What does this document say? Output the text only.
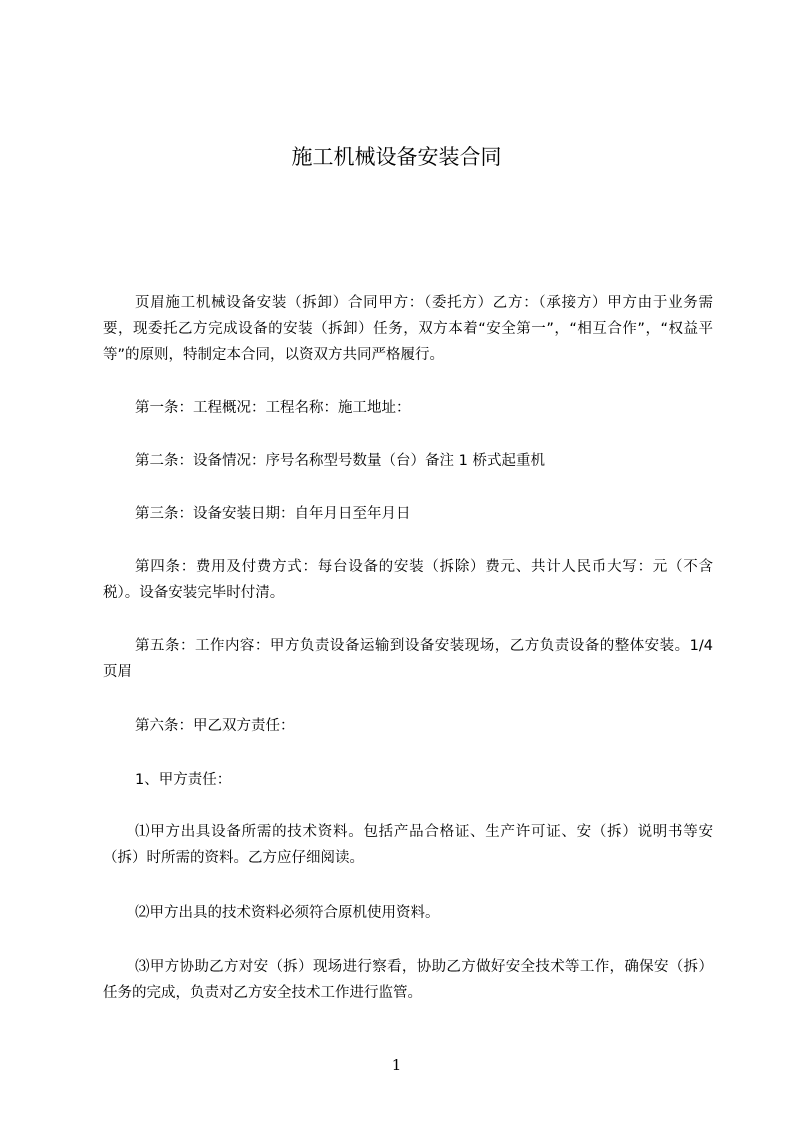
施工机械设备安装合同

页眉施工机械设备安装（拆卸）合同甲方：（委托方）乙方：（承接方）甲方由于业务需要，现委托乙方完成设备的安装（拆卸）任务，双方本着“安全第一”，“相互合作”，“权益平等”的原则，特制定本合同，以资双方共同严格履行。

第一条：工程概况：工程名称：施工地址：

第二条：设备情况：序号名称型号数量（台）备注 1 桥式起重机

第三条：设备安装日期：自年月日至年月日

第四条：费用及付费方式：每台设备的安装（拆除）费元、共计人民币大写：元（不含税）。设备安装完毕时付清。

第五条：工作内容：甲方负责设备运输到设备安装现场，乙方负责设备的整体安装。1/4 页眉

第六条：甲乙双方责任：

1、甲方责任：

⑴甲方出具设备所需的技术资料。包括产品合格证、生产许可证、安（拆）说明书等安（拆）时所需的资料。乙方应仔细阅读。

⑵甲方出具的技术资料必须符合原机使用资料。

⑶甲方协助乙方对安（拆）现场进行察看，协助乙方做好安全技术等工作，确保安（拆）任务的完成，负责对乙方安全技术工作进行监管。

1
